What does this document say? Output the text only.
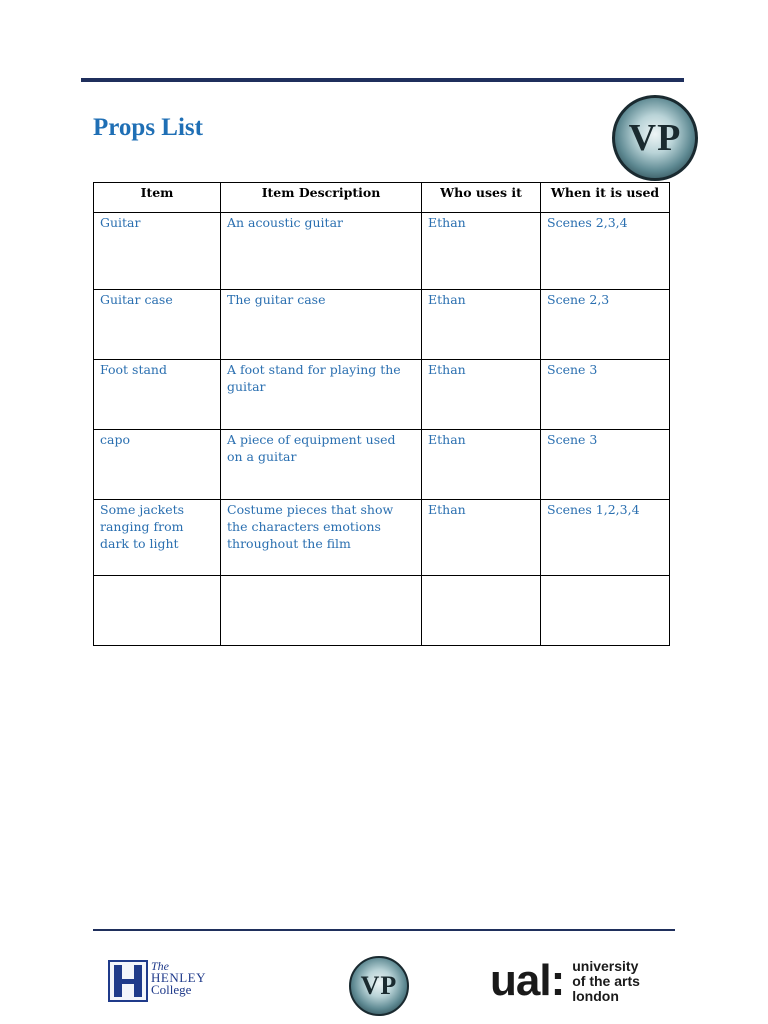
Props List	VP
Item	Item Description	Who uses it	When it is used
Guitar	An acoustic guitar	Ethan	Scenes 2,3,4
Guitar case	The guitar case	Ethan	Scene 2,3
Foot stand	A foot stand for playing the guitar	Ethan	Scene 3
capo	A piece of equipment used on a guitar	Ethan	Scene 3
Some jackets ranging from dark to light	Costume pieces that show the characters emotions throughout the film	Ethan	Scenes 1,2,3,4

The
HENLEY
College	VP ual: university
of the arts
london
